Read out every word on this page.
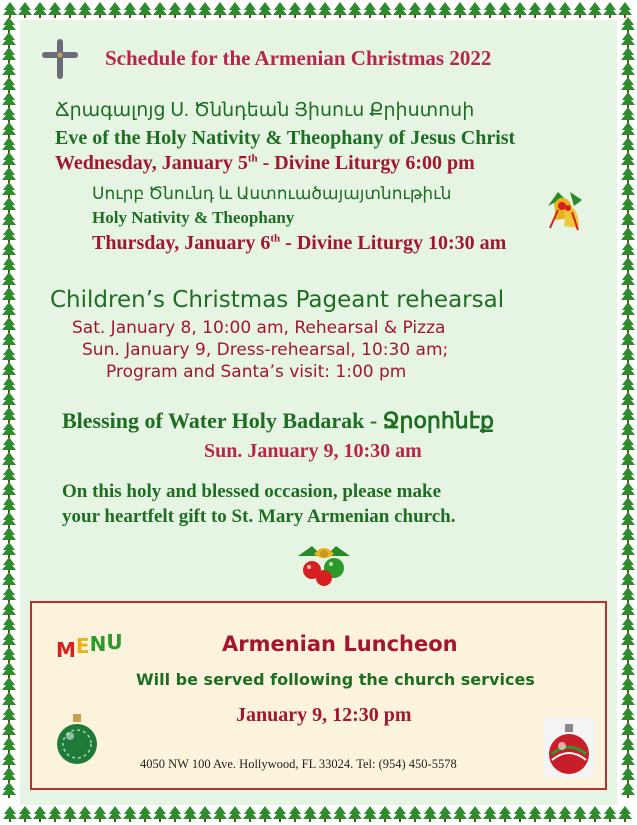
Schedule for the Armenian Christmas 2022
Ճրագալոյց Ս. Ծննդեան Յիսուս Քրիստոսի
Eve of the Holy Nativity & Theophany of Jesus Christ
Wednesday, January 5th - Divine Liturgy 6:00 pm
Սուրբ Ծնունդ և Աստուածայայտնութիւն
Holy Nativity & Theophany
Thursday, January 6th - Divine Liturgy 10:30 am
Children’s Christmas Pageant rehearsal
Sat. January 8, 10:00 am, Rehearsal & Pizza
Sun. January 9, Dress-rehearsal, 10:30 am;
Program and Santa’s visit: 1:00 pm
Blessing of Water Holy Badarak - Ջրօրհնէք
Sun. January 9, 10:30 am
On this holy and blessed occasion, please make
your heartfelt gift to St. Mary Armenian church.
MENU	Armenian Luncheon
Will be served following the church services
January 9, 12:30 pm
4050 NW 100 Ave. Hollywood, FL 33024. Tel: (954) 450-5578
